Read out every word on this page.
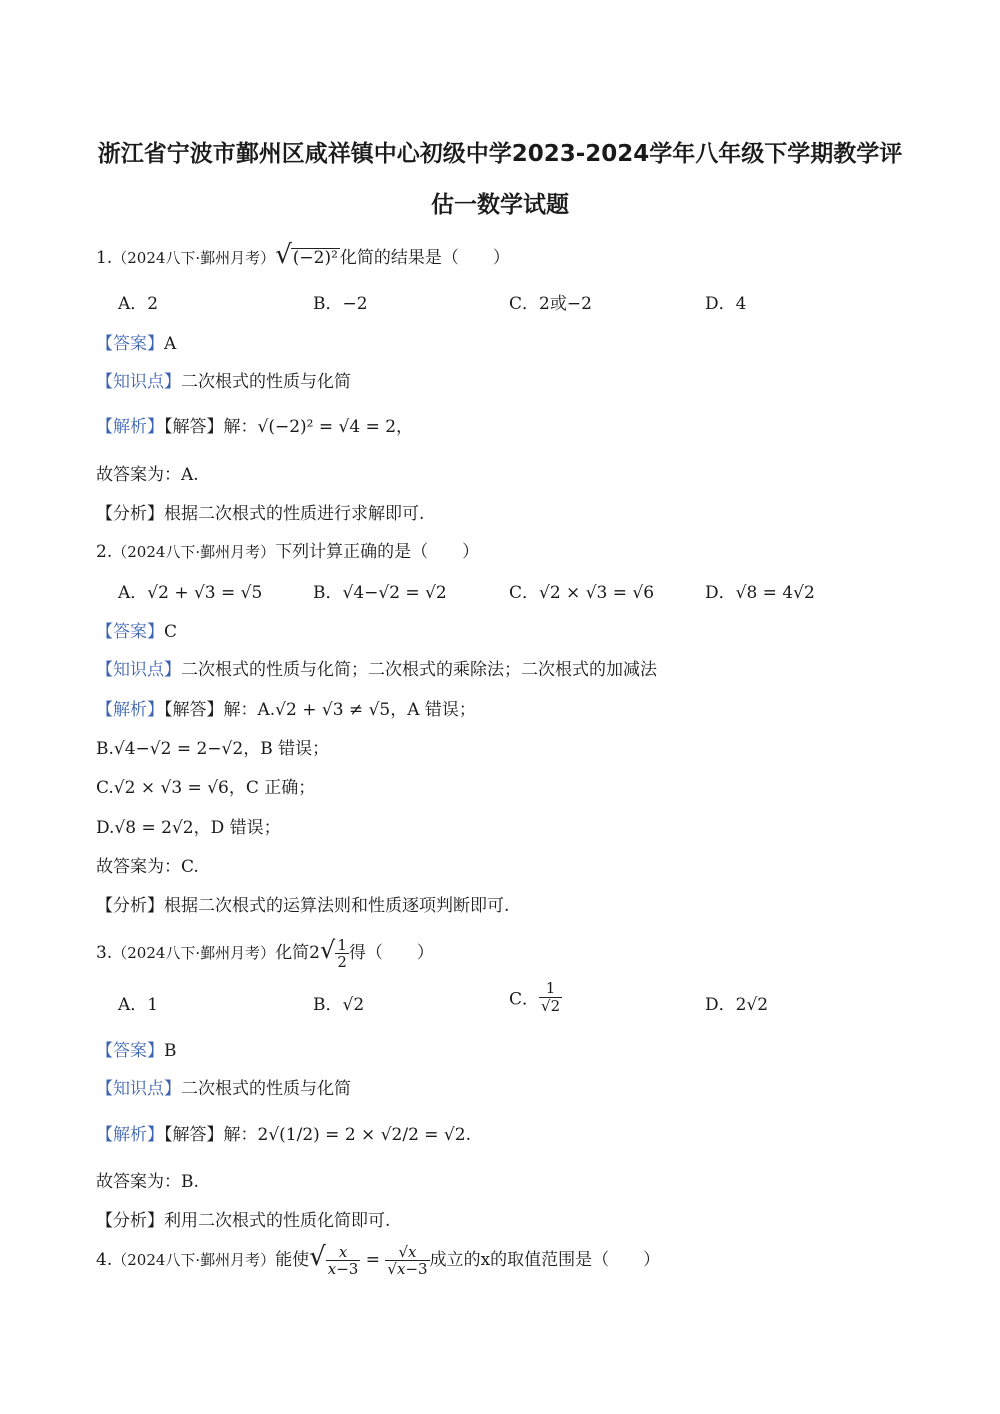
浙江省宁波市鄞州区咸祥镇中心初级中学2023-2024学年八年级下学期教学评
估一数学试题
1.（2024八下·鄞州月考）√(−2)² 化简的结果是（　　）
A．2	B．−2	C．2或−2	D．4
【答案】A
【知识点】二次根式的性质与化简
【解析】【解答】解：√(−2)² = √4 = 2，
故答案为：A.
【分析】根据二次根式的性质进行求解即可.
2.（2024八下·鄞州月考）下列计算正确的是（　　）
A．√2 + √3 = √5	B．√4−√2 = √2	C．√2 × √3 = √6	D．√8 = 4√2
【答案】C
【知识点】二次根式的性质与化简；二次根式的乘除法；二次根式的加减法
【解析】【解答】解：A.√2 + √3 ≠ √5，A 错误；
B.√4−√2 = 2−√2，B 错误；
C.√2 × √3 = √6，C 正确；
D.√8 = 2√2，D 错误；
故答案为：C.
【分析】根据二次根式的运算法则和性质逐项判断即可.
3.（2024八下·鄞州月考）化简$2√ \frac{1}{2}$ 得（　　）
A．1	B．√2	C． $\frac{1}{√2}$	D．2√2
【答案】B
【知识点】二次根式的性质与化简
【解析】【解答】解：2√(1/2) = 2 × √2/2 = √2.
故答案为：B.
【分析】利用二次根式的性质化简即可.
4.（2024八下·鄞州月考）能使√ $\frac{x}{x-3} = \frac{√x}{√x-3}$ 成立的x的取值范围是（　　）
